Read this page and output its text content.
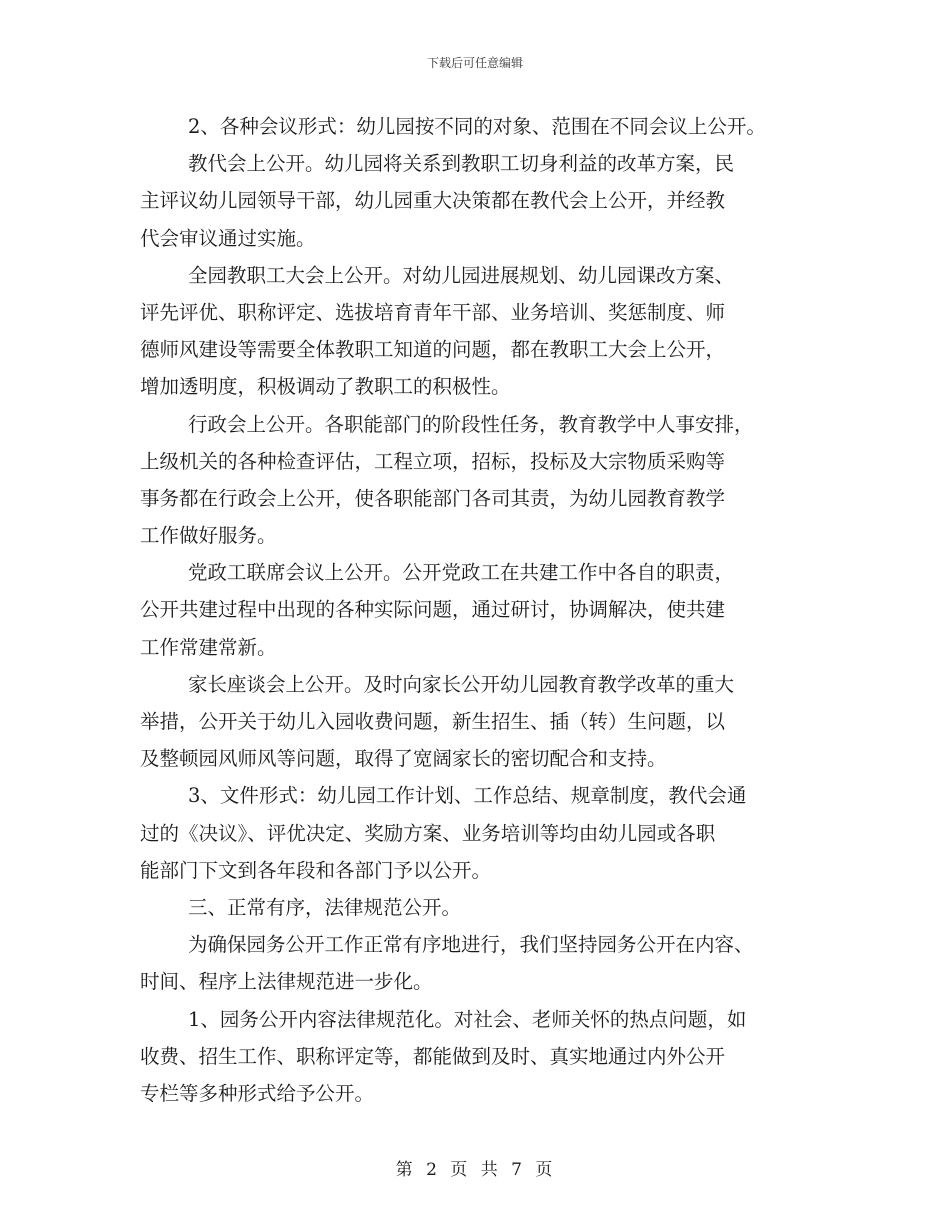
下载后可任意编辑
2、各种会议形式：幼儿园按不同的对象、范围在不同会议上公开。
教代会上公开。幼儿园将关系到教职工切身利益的改革方案，民
主评议幼儿园领导干部，幼儿园重大决策都在教代会上公开，并经教
代会审议通过实施。
全园教职工大会上公开。对幼儿园进展规划、幼儿园课改方案、
评先评优、职称评定、选拔培育青年干部、业务培训、奖惩制度、师
德师风建设等需要全体教职工知道的问题，都在教职工大会上公开，
增加透明度，积极调动了教职工的积极性。
行政会上公开。各职能部门的阶段性任务，教育教学中人事安排，
上级机关的各种检查评估，工程立项，招标，投标及大宗物质采购等
事务都在行政会上公开，使各职能部门各司其责，为幼儿园教育教学
工作做好服务。
党政工联席会议上公开。公开党政工在共建工作中各自的职责，
公开共建过程中出现的各种实际问题，通过研讨，协调解决，使共建
工作常建常新。
家长座谈会上公开。及时向家长公开幼儿园教育教学改革的重大
举措，公开关于幼儿入园收费问题，新生招生、插（转）生问题，以
及整顿园风师风等问题，取得了宽阔家长的密切配合和支持。
3、文件形式：幼儿园工作计划、工作总结、规章制度，教代会通
过的《决议》、评优决定、奖励方案、业务培训等均由幼儿园或各职
能部门下文到各年段和各部门予以公开。
三、正常有序，法律规范公开。
为确保园务公开工作正常有序地进行，我们坚持园务公开在内容、
时间、程序上法律规范进一步化。
1、园务公开内容法律规范化。对社会、老师关怀的热点问题，如
收费、招生工作、职称评定等，都能做到及时、真实地通过内外公开
专栏等多种形式给予公开。
第 2 页 共 7 页
